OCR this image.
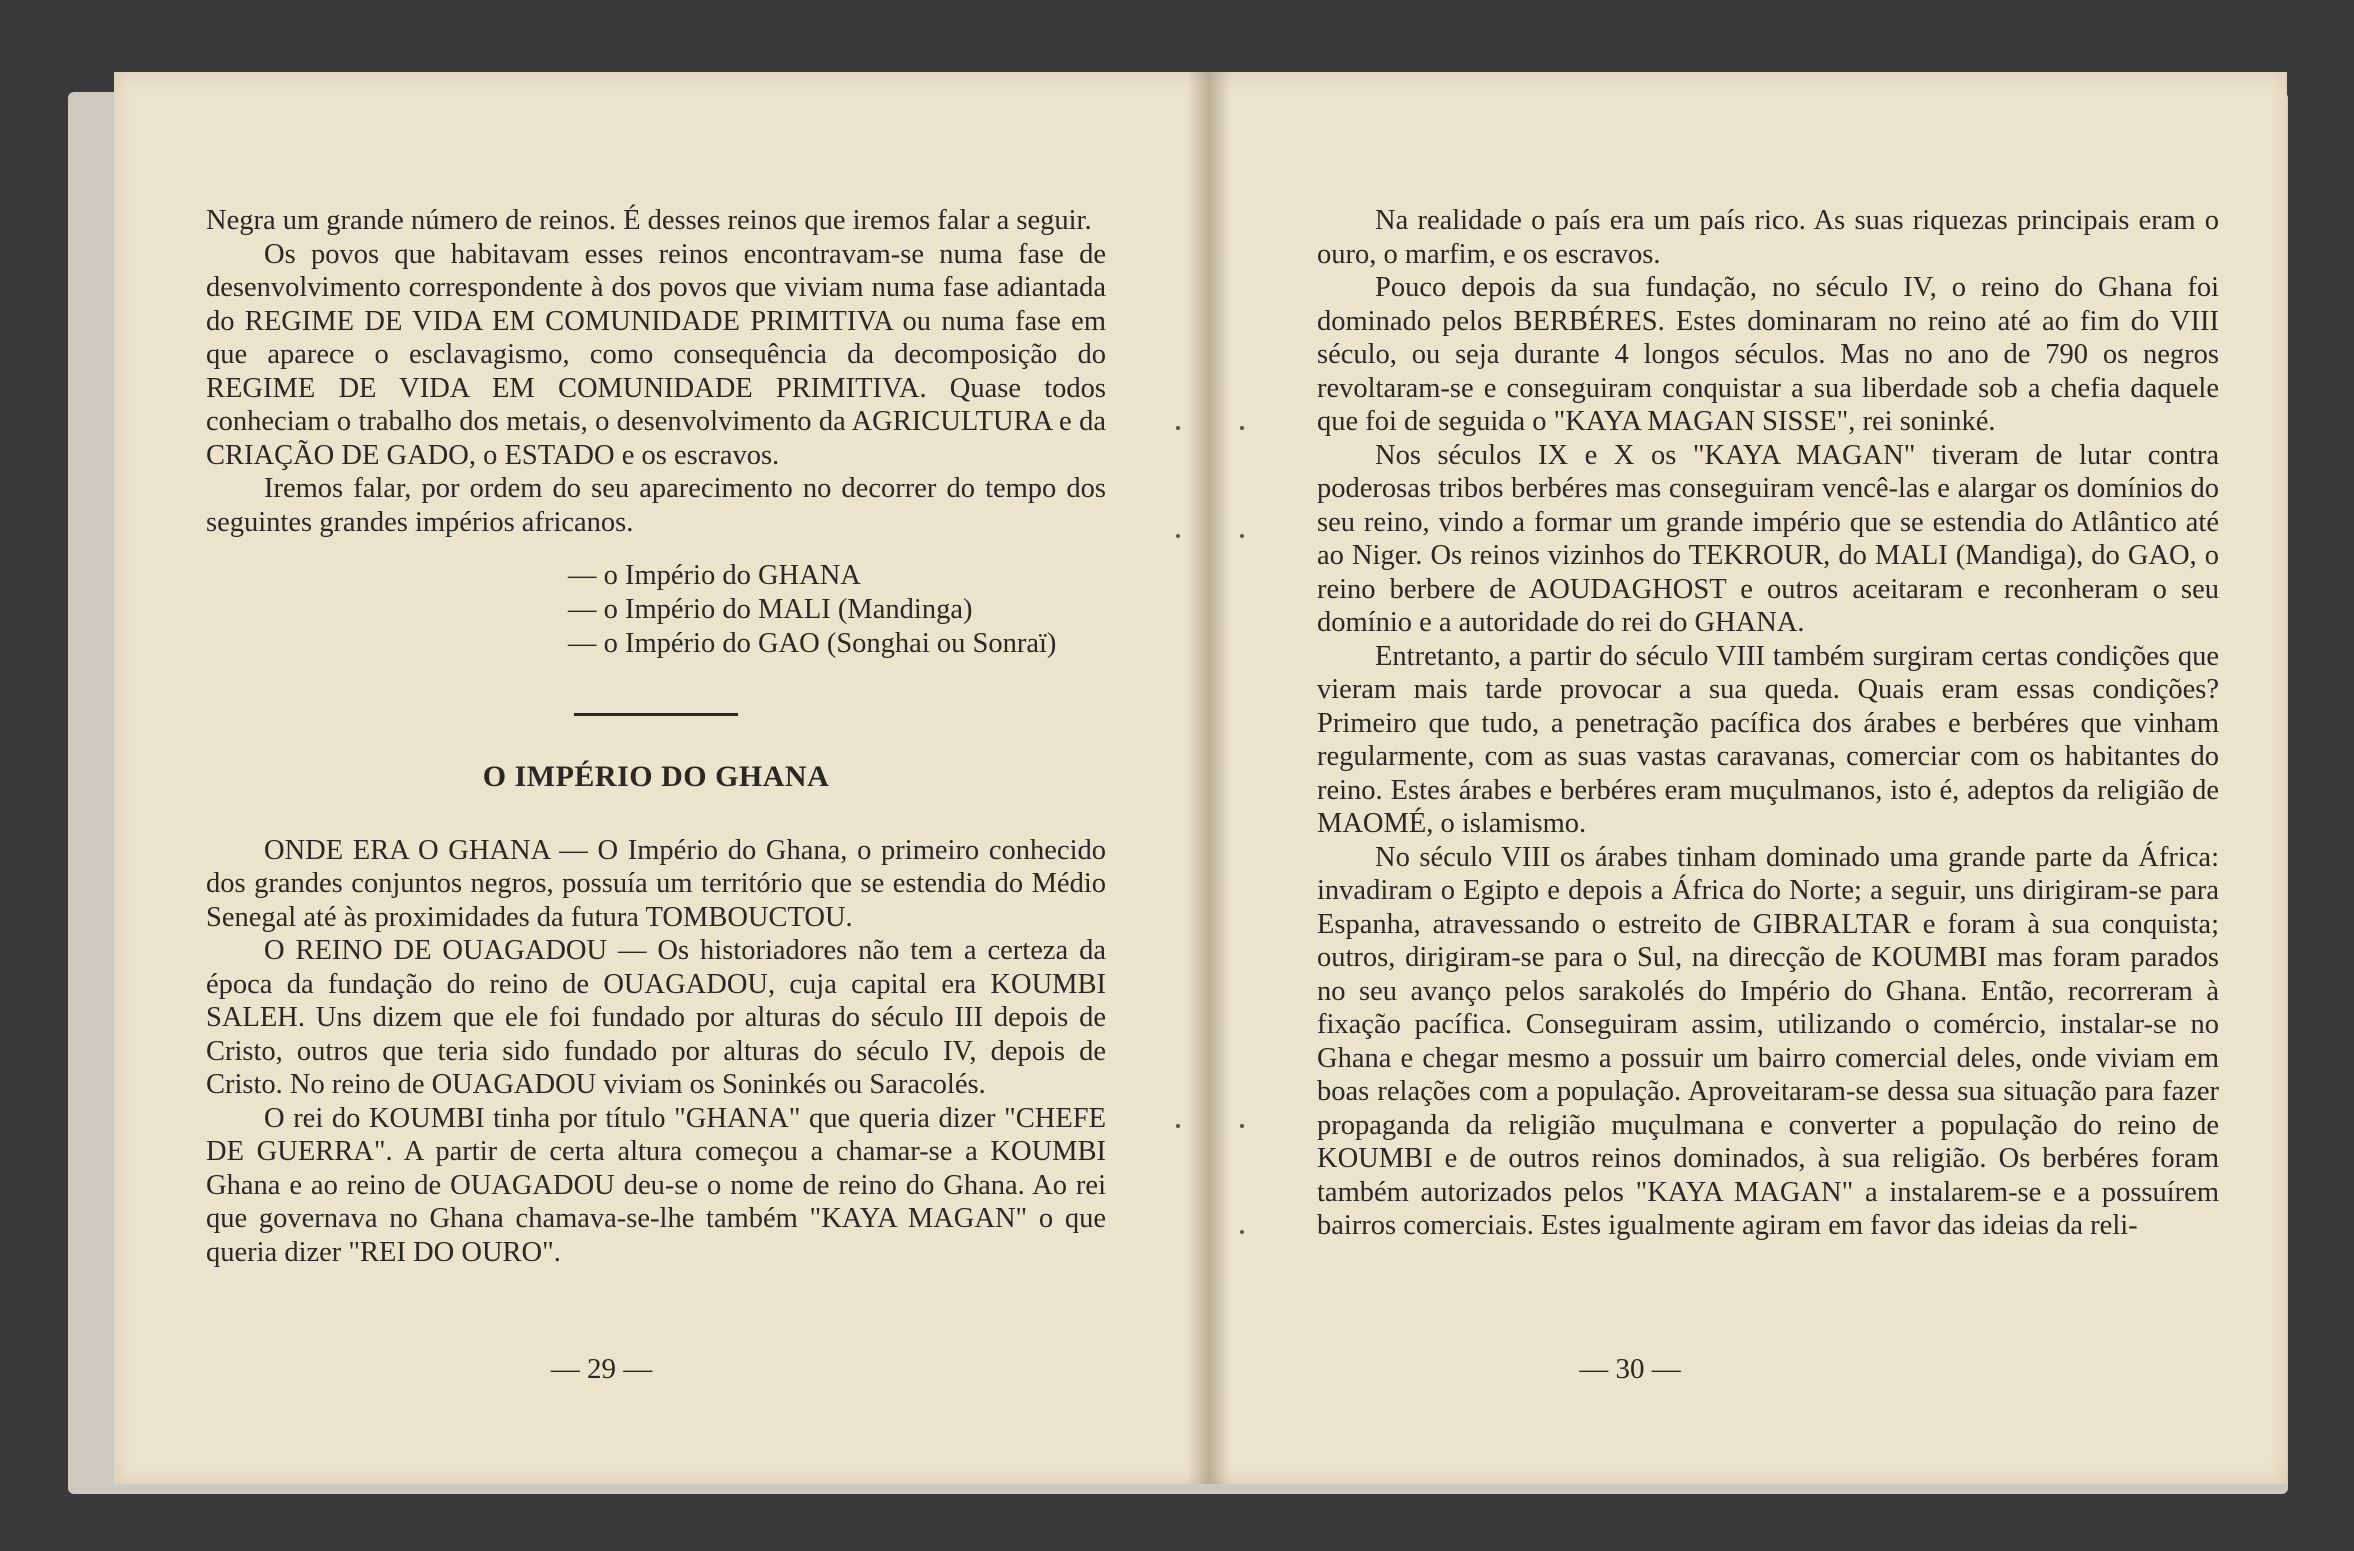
Negra um grande número de reinos. É desses reinos que iremos falar a seguir.

Os povos que habitavam esses reinos encontravam-se numa fase de desenvolvimento correspondente à dos povos que viviam numa fase adiantada do REGIME DE VIDA EM COMUNIDADE PRIMITIVA ou numa fase em que aparece o esclavagismo, como consequência da decomposição do REGIME DE VIDA EM COMUNIDADE PRIMITIVA. Quase todos conheciam o trabalho dos metais, o desenvolvimento da AGRICULTURA e da CRIAÇÃO DE GADO, o ESTADO e os escravos.

Iremos falar, por ordem do seu aparecimento no decorrer do tempo dos seguintes grandes impérios africanos.

— o Império do GHANA
— o Império do MALI (Mandinga)
— o Império do GAO (Songhai ou Sonraï)
O IMPÉRIO DO GHANA

ONDE ERA O GHANA — O Império do Ghana, o primeiro conhecido dos grandes conjuntos negros, possuía um território que se estendia do Médio Senegal até às proximidades da futura TOMBOUCTOU.

O REINO DE OUAGADOU — Os historiadores não tem a certeza da época da fundação do reino de OUAGADOU, cuja capital era KOUMBI SALEH. Uns dizem que ele foi fundado por alturas do século III depois de Cristo, outros que teria sido fundado por alturas do século IV, depois de Cristo. No reino de OUAGADOU viviam os Soninkés ou Saracolés.

O rei do KOUMBI tinha por título "GHANA" que queria dizer "CHEFE DE GUERRA". A partir de certa altura começou a chamar-se a KOUMBI Ghana e ao reino de OUAGADOU deu-se o nome de reino do Ghana. Ao rei que governava no Ghana chamava-se-lhe também "KAYA MAGAN" o que queria dizer "REI DO OURO".

— 29 —

Na realidade o país era um país rico. As suas riquezas principais eram o ouro, o marfim, e os escravos.

Pouco depois da sua fundação, no século IV, o reino do Ghana foi dominado pelos BERBÉRES. Estes dominaram no reino até ao fim do VIII século, ou seja durante 4 longos séculos. Mas no ano de 790 os negros revoltaram-se e conseguiram conquistar a sua liberdade sob a chefia daquele que foi de seguida o "KAYA MAGAN SISSE", rei soninké.

Nos séculos IX e X os "KAYA MAGAN" tiveram de lutar contra poderosas tribos berbéres mas conseguiram vencê-las e alargar os domínios do seu reino, vindo a formar um grande império que se estendia do Atlântico até ao Niger. Os reinos vizinhos do TEKROUR, do MALI (Mandiga), do GAO, o reino berbere de AOUDAGHOST e outros aceitaram e reconheram o seu domínio e a autoridade do rei do GHANA.

Entretanto, a partir do século VIII também surgiram certas condições que vieram mais tarde provocar a sua queda. Quais eram essas condições? Primeiro que tudo, a penetração pacífica dos árabes e berbéres que vinham regularmente, com as suas vastas caravanas, comerciar com os habitantes do reino. Estes árabes e berbéres eram muçulmanos, isto é, adeptos da religião de MAOMÉ, o islamismo.

No século VIII os árabes tinham dominado uma grande parte da África: invadiram o Egipto e depois a África do Norte; a seguir, uns dirigiram-se para Espanha, atravessando o estreito de GIBRALTAR e foram à sua conquista; outros, dirigiram-se para o Sul, na direcção de KOUMBI mas foram parados no seu avanço pelos sarakolés do Império do Ghana. Então, recorreram à fixação pacífica. Conseguiram assim, utilizando o comércio, instalar-se no Ghana e chegar mesmo a possuir um bairro comercial deles, onde viviam em boas relações com a população. Aproveitaram-se dessa sua situação para fazer propaganda da religião muçulmana e converter a população do reino de KOUMBI e de outros reinos dominados, à sua religião. Os berbéres foram também autorizados pelos "KAYA MAGAN" a instalarem-se e a possuírem bairros comerciais. Estes igualmente agiram em favor das ideias da reli-

— 30 —
